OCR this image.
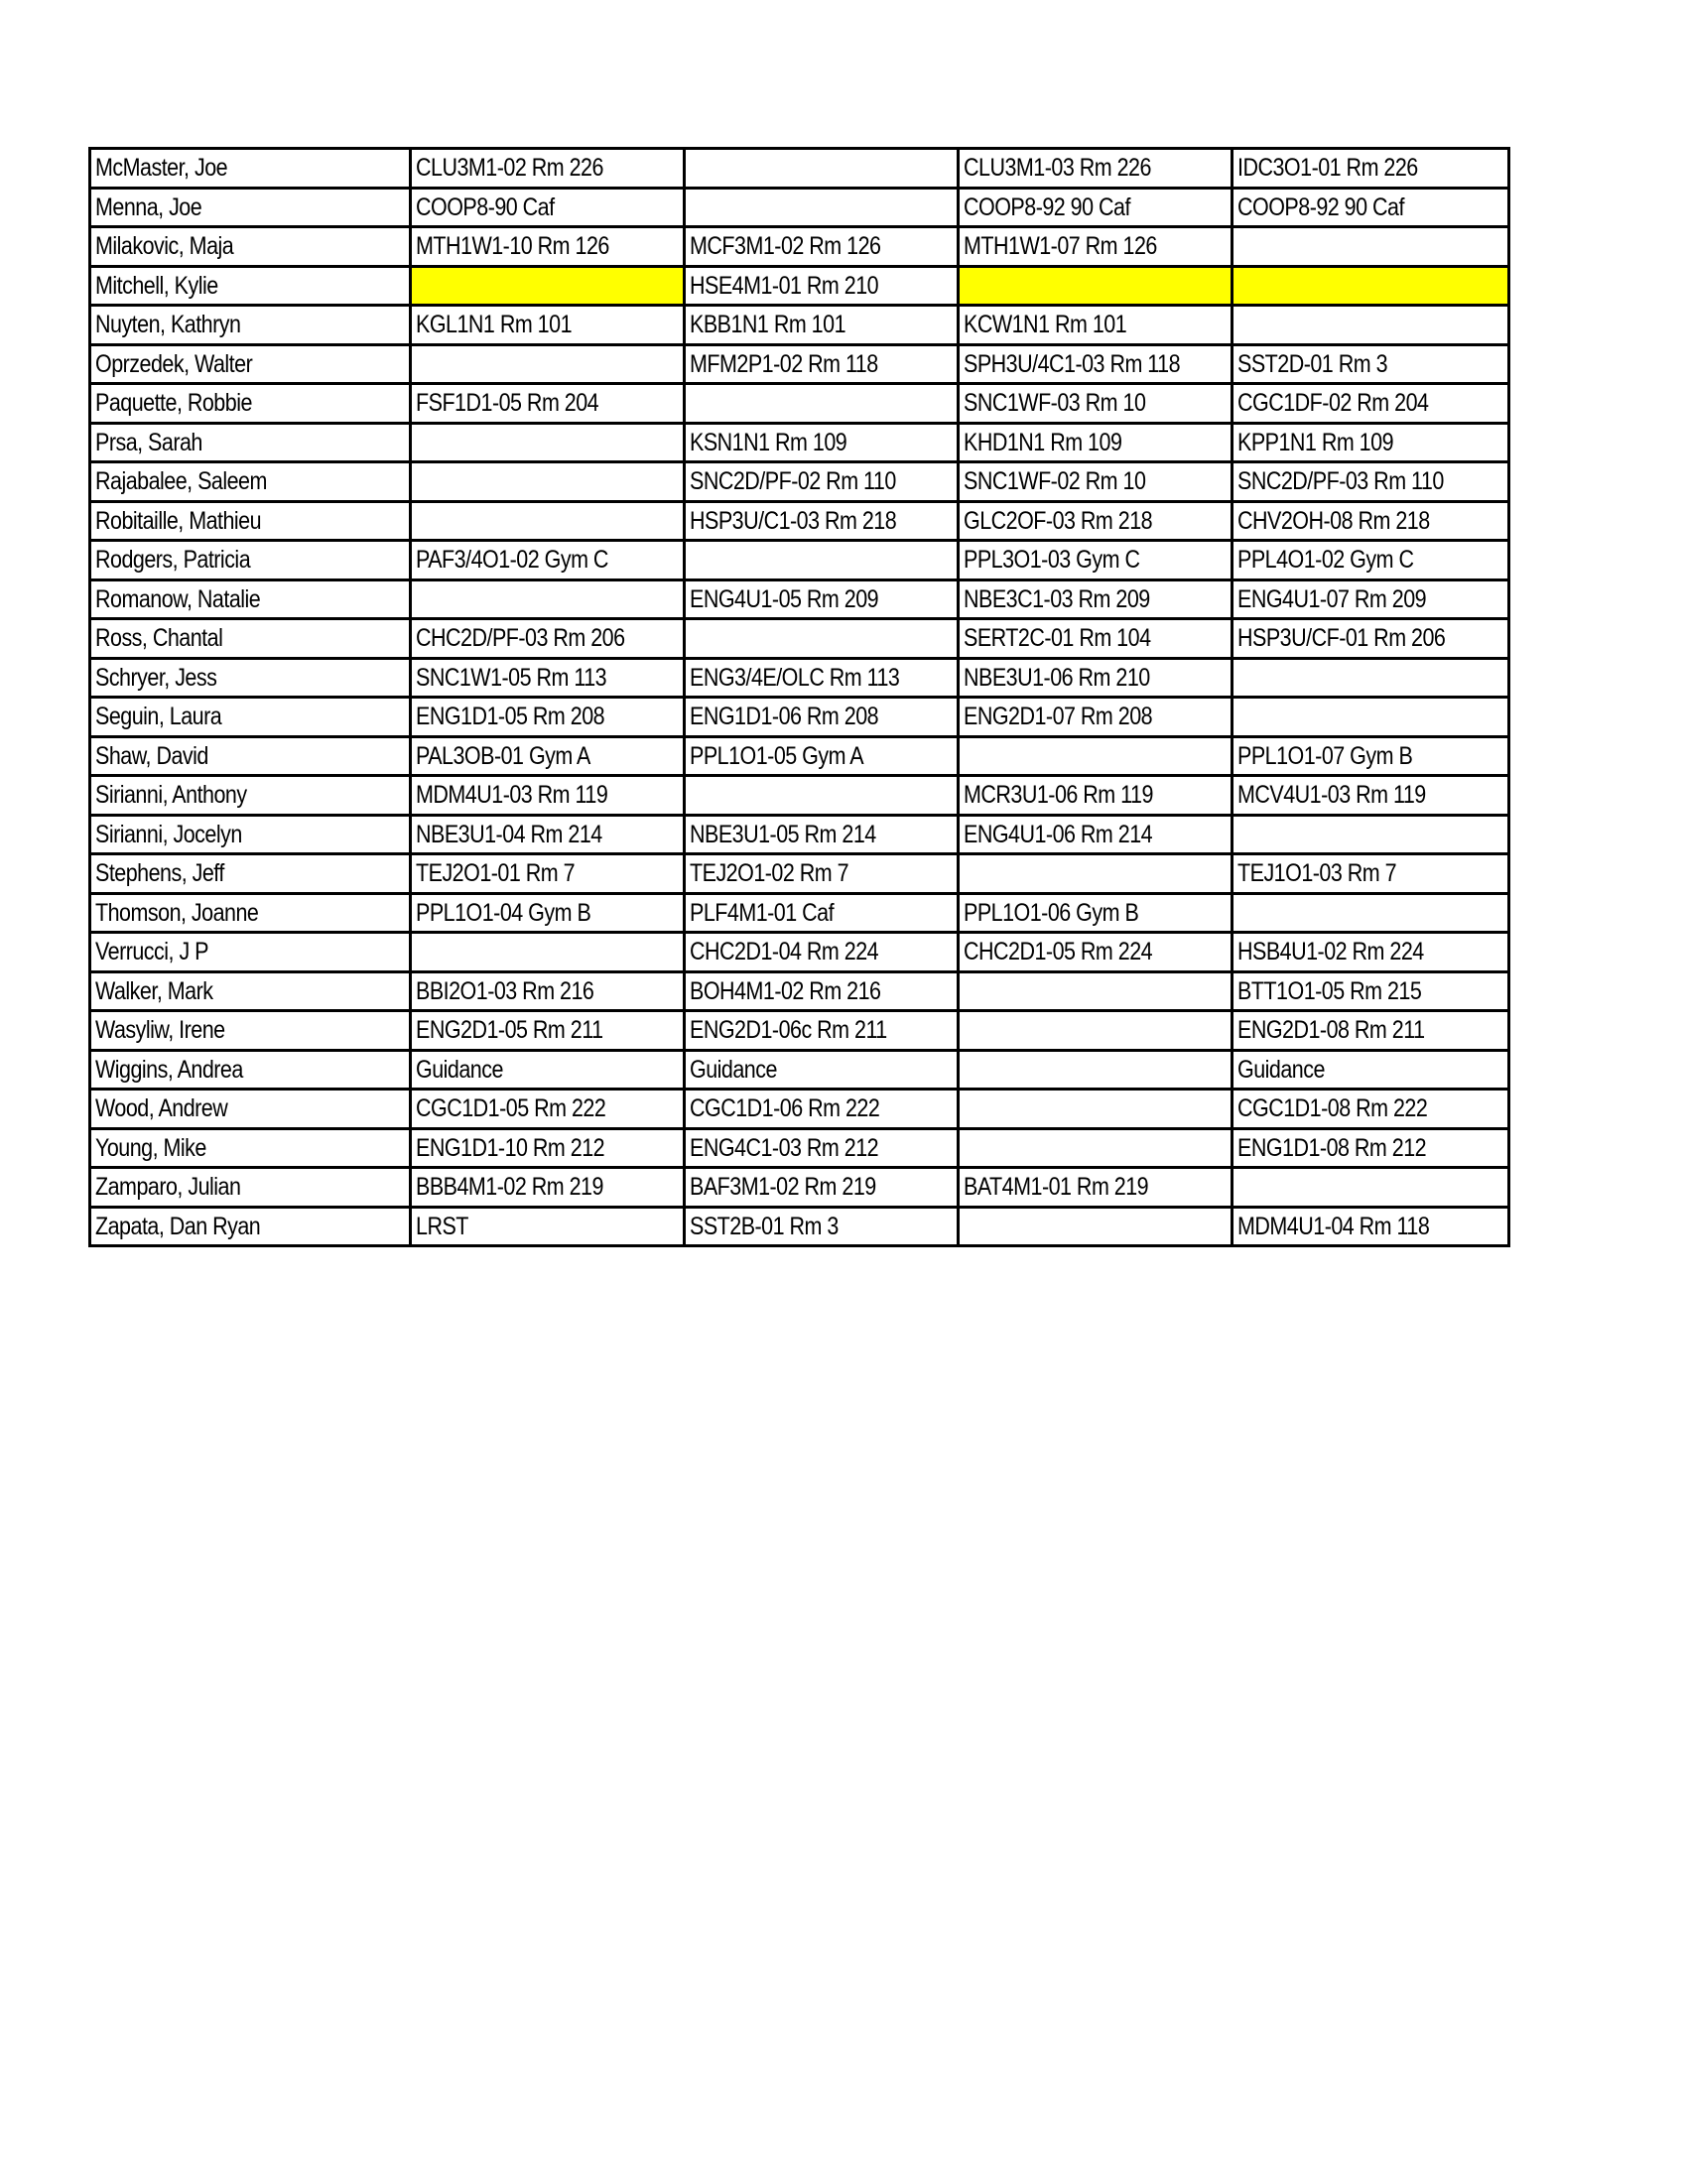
McMaster, Joe	CLU3M1-02 Rm 226		CLU3M1-03 Rm 226	IDC3O1-01 Rm 226
Menna, Joe	COOP8-90 Caf		COOP8-92 90 Caf	COOP8-92 90 Caf
Milakovic, Maja	MTH1W1-10 Rm 126	MCF3M1-02 Rm 126	MTH1W1-07 Rm 126	
Mitchell, Kylie		HSE4M1-01 Rm 210		
Nuyten, Kathryn	KGL1N1 Rm 101	KBB1N1 Rm 101	KCW1N1 Rm 101	
Oprzedek, Walter		MFM2P1-02 Rm 118	SPH3U/4C1-03 Rm 118	SST2D-01 Rm 3
Paquette, Robbie	FSF1D1-05 Rm 204		SNC1WF-03 Rm 10	CGC1DF-02 Rm 204
Prsa, Sarah		KSN1N1 Rm 109	KHD1N1 Rm 109	KPP1N1 Rm 109
Rajabalee, Saleem		SNC2D/PF-02 Rm 110	SNC1WF-02 Rm 10	SNC2D/PF-03 Rm 110
Robitaille, Mathieu		HSP3U/C1-03 Rm 218	GLC2OF-03 Rm 218	CHV2OH-08 Rm 218
Rodgers, Patricia	PAF3/4O1-02 Gym C		PPL3O1-03 Gym C	PPL4O1-02 Gym C
Romanow, Natalie		ENG4U1-05 Rm 209	NBE3C1-03 Rm 209	ENG4U1-07 Rm 209
Ross, Chantal	CHC2D/PF-03 Rm 206		SERT2C-01 Rm 104	HSP3U/CF-01 Rm 206
Schryer, Jess	SNC1W1-05 Rm 113	ENG3/4E/OLC Rm 113	NBE3U1-06 Rm 210	
Seguin, Laura	ENG1D1-05 Rm 208	ENG1D1-06 Rm 208	ENG2D1-07 Rm 208	
Shaw, David	PAL3OB-01 Gym A	PPL1O1-05 Gym A		PPL1O1-07 Gym B
Sirianni, Anthony	MDM4U1-03 Rm 119		MCR3U1-06 Rm 119	MCV4U1-03 Rm 119
Sirianni, Jocelyn	NBE3U1-04 Rm 214	NBE3U1-05 Rm 214	ENG4U1-06 Rm 214	
Stephens, Jeff	TEJ2O1-01 Rm 7	TEJ2O1-02 Rm 7		TEJ1O1-03 Rm 7
Thomson, Joanne	PPL1O1-04 Gym B	PLF4M1-01 Caf	PPL1O1-06 Gym B	
Verrucci, J P		CHC2D1-04 Rm 224	CHC2D1-05 Rm 224	HSB4U1-02 Rm 224
Walker, Mark	BBI2O1-03 Rm 216	BOH4M1-02 Rm 216		BTT1O1-05 Rm 215
Wasyliw, Irene	ENG2D1-05 Rm 211	ENG2D1-06c Rm 211		ENG2D1-08 Rm 211
Wiggins, Andrea	Guidance	Guidance		Guidance
Wood, Andrew	CGC1D1-05 Rm 222	CGC1D1-06 Rm 222		CGC1D1-08 Rm 222
Young, Mike	ENG1D1-10 Rm 212	ENG4C1-03 Rm 212		ENG1D1-08 Rm 212
Zamparo, Julian	BBB4M1-02 Rm 219	BAF3M1-02 Rm 219	BAT4M1-01 Rm 219	
Zapata, Dan Ryan	LRST	SST2B-01 Rm 3		MDM4U1-04 Rm 118
